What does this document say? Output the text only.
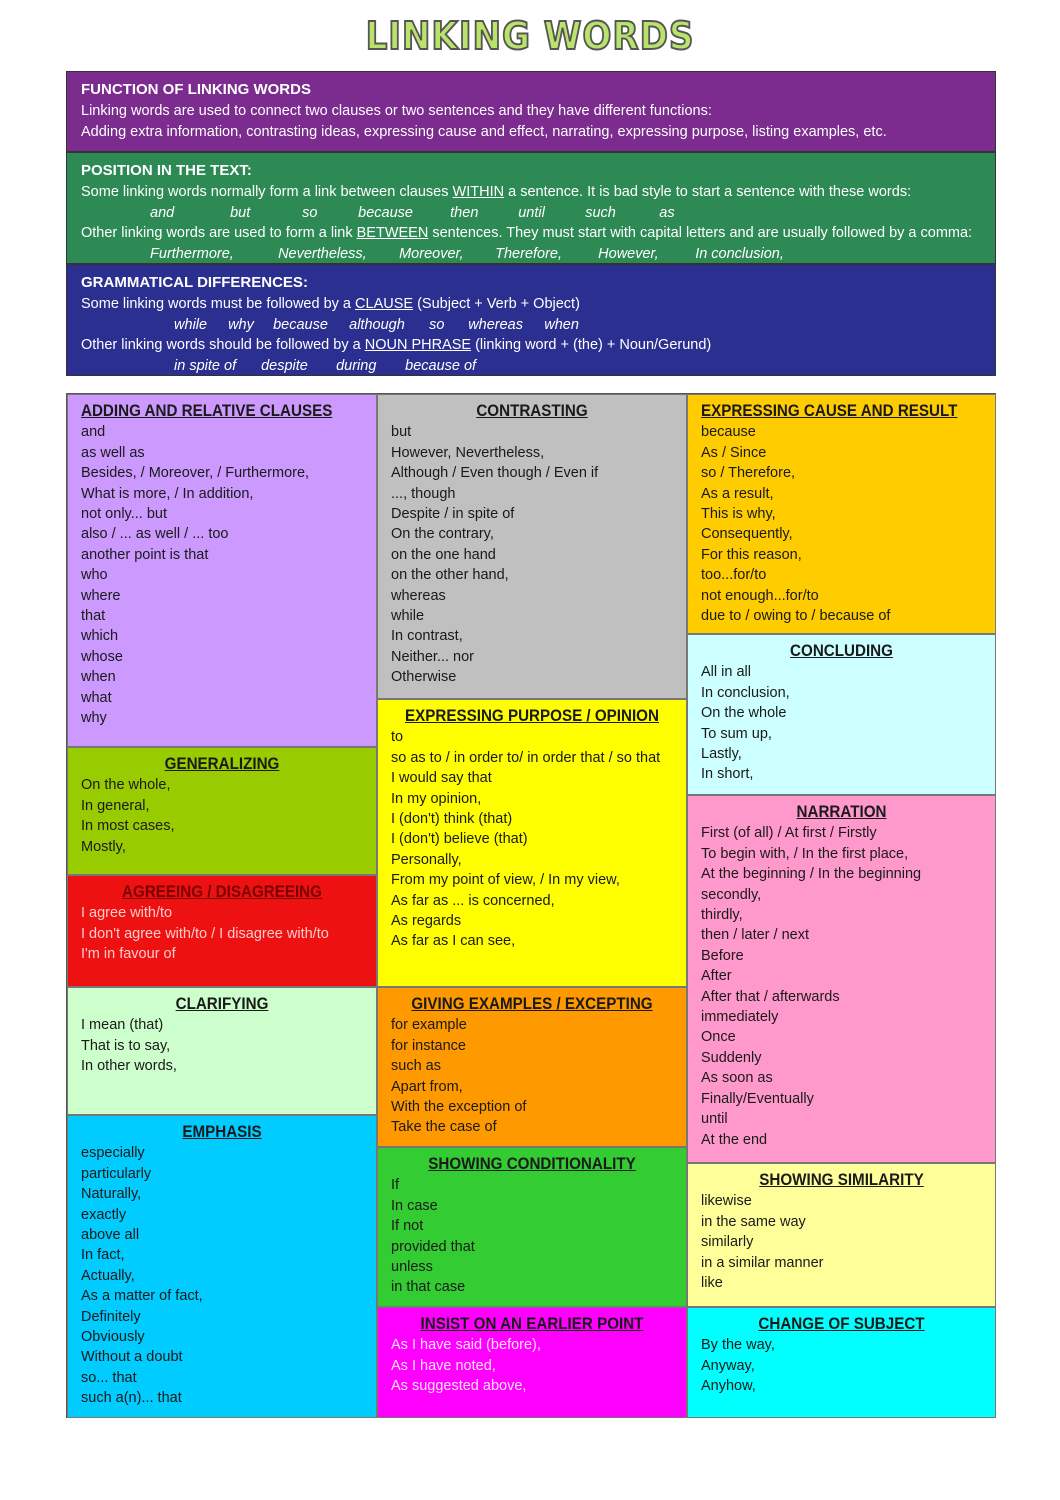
LINKING WORDS
FUNCTION OF LINKING WORDS
Linking words are used to connect two clauses or two sentences and they have different functions:
Adding extra information, contrasting ideas, expressing cause and effect, narrating, expressing purpose, listing examples, etc.
POSITION IN THE TEXT:
Some linking words normally form a link between clauses WITHIN a sentence. It is bad style to start a sentence with these words:
and	but	so	because	then	until	such	as
Other linking words are used to form a link BETWEEN sentences. They must start with capital letters and are usually followed by a comma:
Furthermore,	Nevertheless, Moreover, Therefore, However,	In conclusion,
GRAMMATICAL DIFFERENCES:
Some linking words must be followed by a CLAUSE (Subject + Verb + Object)
while why because although so whereas when
Other linking words should be followed by a NOUN PHRASE (linking word + (the) + Noun/Gerund)
in spite of despite during because of
ADDING AND RELATIVE CLAUSES
and
as well as
Besides, / Moreover, / Furthermore,
What is more, / In addition,
not only... but
also / ... as well / ... too
another point is that
who
where
that
which
whose
when
what
why
GENERALIZING
On the whole,
In general,
In most cases,
Mostly,
AGREEING / DISAGREEING
I agree with/to
I don't agree with/to / I disagree with/to
I'm in favour of
CLARIFYING
I mean (that)
That is to say,
In other words,
EMPHASIS
especially
particularly
Naturally,
exactly
above all
In fact,
Actually,
As a matter of fact,
Definitely
Obviously
Without a doubt
so... that
such a(n)... that
CONTRASTING
but
However, Nevertheless,
Although / Even though / Even if
..., though
Despite / in spite of
On the contrary,
on the one hand
on the other hand,
whereas
while
In contrast,
Neither... nor
Otherwise
EXPRESSING PURPOSE / OPINION
to
so as to / in order to/ in order that / so that
I would say that
In my opinion,
I (don't) think (that)
I (don't) believe (that)
Personally,
From my point of view, / In my view,
As far as ... is concerned,
As regards
As far as I can see,
GIVING EXAMPLES / EXCEPTING
for example
for instance
such as
Apart from,
With the exception of
Take the case of
SHOWING CONDITIONALITY
If
In case
If not
provided that
unless
in that case
INSIST ON AN EARLIER POINT
As I have said (before),
As I have noted,
As suggested above,
EXPRESSING CAUSE AND RESULT
because
As / Since
so / Therefore,
As a result,
This is why,
Consequently,
For this reason,
too...for/to
not enough...for/to
due to / owing to / because of
CONCLUDING
All in all
In conclusion,
On the whole
To sum up,
Lastly,
In short,
NARRATION
First (of all) / At first / Firstly
To begin with, / In the first place,
At the beginning / In the beginning
secondly,
thirdly,
then / later / next
Before
After
After that / afterwards
immediately
Once
Suddenly
As soon as
Finally/Eventually
until
At the end
SHOWING SIMILARITY
likewise
in the same way
similarly
in a similar manner
like
CHANGE OF SUBJECT
By the way,
Anyway,
Anyhow,
